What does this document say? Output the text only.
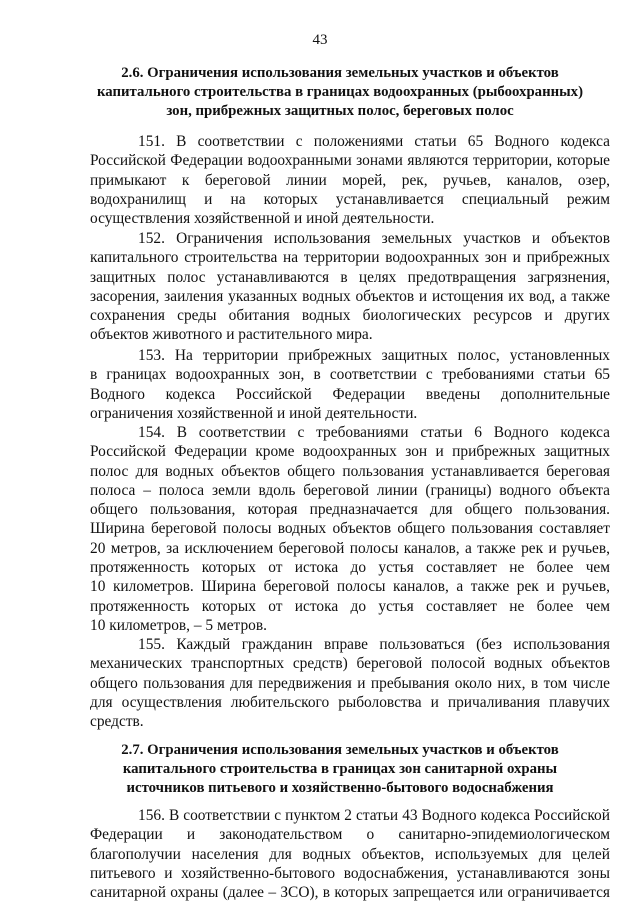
43
2.6. Ограничения использования земельных участков и объектов
капитального строительства в границах водоохранных (рыбоохранных)
зон, прибрежных защитных полос, береговых полос
151. В соответствии с положениями статьи 65 Водного кодекса
Российской Федерации водоохранными зонами являются территории, которые
примыкают к береговой линии морей, рек, ручьев, каналов, озер,
водохранилищ и на которых устанавливается специальный режим
осуществления хозяйственной и иной деятельности.
152. Ограничения использования земельных участков и объектов
капитального строительства на территории водоохранных зон и прибрежных
защитных полос устанавливаются в целях предотвращения загрязнения,
засорения, заиления указанных водных объектов и истощения их вод, а также
сохранения среды обитания водных биологических ресурсов и других
объектов животного и растительного мира.
153. На территории прибрежных защитных полос, установленных
в границах водоохранных зон, в соответствии с требованиями статьи 65
Водного кодекса Российской Федерации введены дополнительные
ограничения хозяйственной и иной деятельности.
154. В соответствии с требованиями статьи 6 Водного кодекса
Российской Федерации кроме водоохранных зон и прибрежных защитных
полос для водных объектов общего пользования устанавливается береговая
полоса – полоса земли вдоль береговой линии (границы) водного объекта
общего пользования, которая предназначается для общего пользования.
Ширина береговой полосы водных объектов общего пользования составляет
20 метров, за исключением береговой полосы каналов, а также рек и ручьев,
протяженность которых от истока до устья составляет не более чем
10 километров. Ширина береговой полосы каналов, а также рек и ручьев,
протяженность которых от истока до устья составляет не более чем
10 километров, – 5 метров.
155. Каждый гражданин вправе пользоваться (без использования
механических транспортных средств) береговой полосой водных объектов
общего пользования для передвижения и пребывания около них, в том числе
для осуществления любительского рыболовства и причаливания плавучих
средств.
2.7. Ограничения использования земельных участков и объектов
капитального строительства в границах зон санитарной охраны
источников питьевого и хозяйственно-бытового водоснабжения
156. В соответствии с пунктом 2 статьи 43 Водного кодекса Российской
Федерации и законодательством о санитарно-эпидемиологическом
благополучии населения для водных объектов, используемых для целей
питьевого и хозяйственно-бытового водоснабжения, устанавливаются зоны
санитарной охраны (далее – ЗСО), в которых запрещается или ограничивается
